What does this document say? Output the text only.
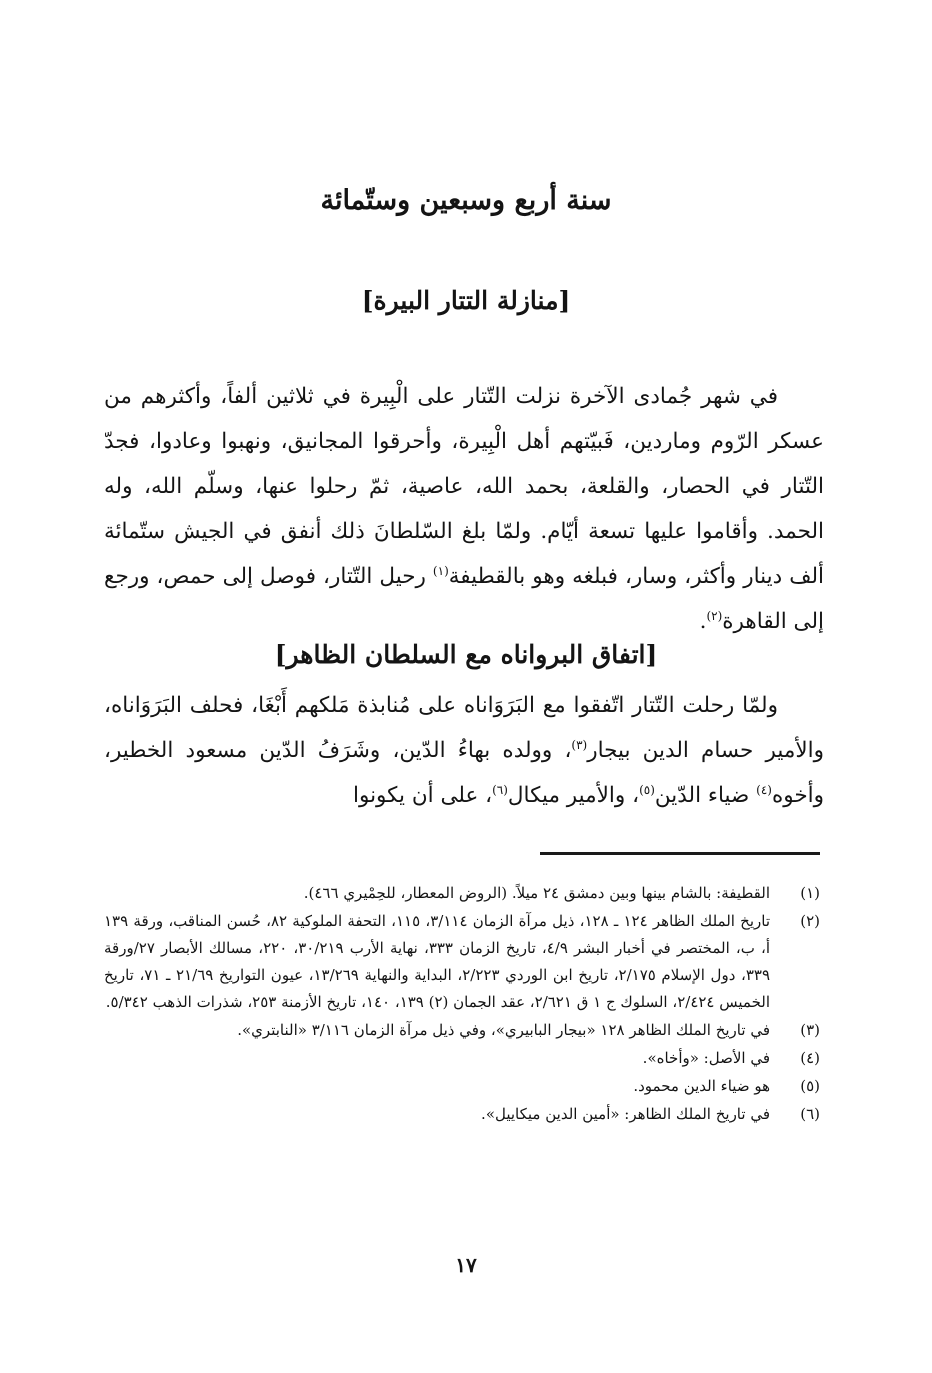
سنة أربع وسبعين وستّمائة
[منازلة التتار البيرة]

في شهر جُمادى الآخرة نزلت التّتار على الْبِيرة في ثلاثين ألفاً، وأكثرهم من عسكر الرّوم وماردين، فَبيّتهم أهل الْبِيرة، وأحرقوا المجانيق، ونهبوا وعادوا، فجدّ التّتار في الحصار، والقلعة، بحمد الله، عاصية، ثمّ رحلوا عنها، وسلّم الله، وله الحمد. وأقاموا عليها تسعة أيّام. ولمّا بلغ السّلطانَ ذلك أنفق في الجيش ستّمائة ألف دينار وأكثر، وسار، فبلغه وهو بالقطيفة$^{(١)}$ رحيل التّتار، فوصل إلى حمص، ورجع إلى القاهرة$^{(٢)}$.

[اتفاق البرواناه مع السلطان الظاهر]

ولمّا رحلت التّتار اتّفقوا مع البَرَوَاناه على مُنابذة مَلكهم أَبْغَا، فحلف البَرَوَاناه، والأمير حسام الدين بيجار$^{(٣)}$، وولده بهاءُ الدّين، وشَرَفُ الدّين مسعود الخطير، وأخوه$^{(٤)}$ ضياء الدّين$^{(٥)}$، والأمير ميكال$^{(٦)}$، على أن يكونوا

(١)
القطيفة: بالشام بينها وبين دمشق ٢٤ ميلاً. (الروض المعطار، للحِمْيري ٤٦٦).
(٢)
تاريخ الملك الظاهر ١٢٤ ـ ١٢٨، ذيل مرآة الزمان ٣/١١٤، ١١٥، التحفة الملوكية ٨٢، حُسن المناقب، ورقة ١٣٩ أ، ب، المختصر في أخبار البشر ٤/٩، تاريخ الزمان ٣٣٣، نهاية الأرب ٣٠/٢١٩، ٢٢٠، مسالك الأبصار ٢٧/ورقة ٣٣٩، دول الإسلام ٢/١٧٥، تاريخ ابن الوردي ٢/٢٢٣، البداية والنهاية ١٣/٢٦٩، عيون التواريخ ٢١/٦٩ ـ ٧١، تاريخ الخميس ٢/٤٢٤، السلوك ج ١ ق ٢/٦٢١، عقد الجمان (٢) ١٣٩، ١٤٠، تاريخ الأزمنة ٢٥٣، شذرات الذهب ٥/٣٤٢.
(٣)
في تاريخ الملك الظاهر ١٢٨ «بيجار البابيري»، وفي ذيل مرآة الزمان ٣/١١٦ «النابتري».
(٤)
في الأصل: «وأخاه».
(٥)
هو ضياء الدين محمود.
(٦)
في تاريخ الملك الظاهر: «أمين الدين ميكاييل».
١٧
